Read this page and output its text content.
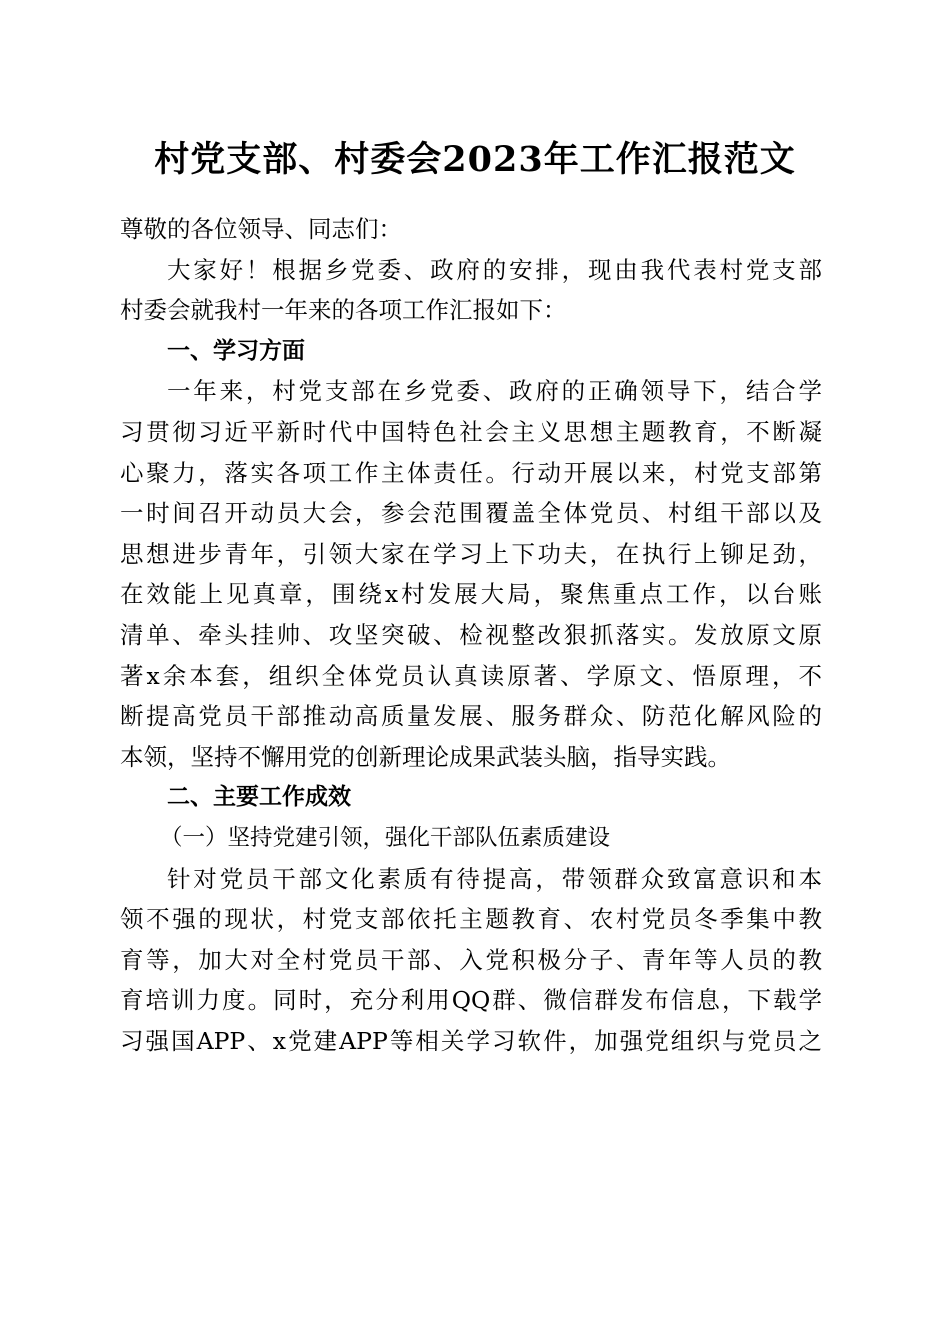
村党支部、村委会2023年工作汇报范文
尊敬的各位领导、同志们：
大家好！根据乡党委、政府的安排，现由我代表村党支部
村委会就我村一年来的各项工作汇报如下：
一、学习方面
一年来，村党支部在乡党委、政府的正确领导下，结合学
习贯彻习近平新时代中国特色社会主义思想主题教育，不断凝
心聚力，落实各项工作主体责任。行动开展以来，村党支部第
一时间召开动员大会，参会范围覆盖全体党员、村组干部以及
思想进步青年，引领大家在学习上下功夫，在执行上铆足劲，
在效能上见真章，围绕x村发展大局，聚焦重点工作，以台账
清单、牵头挂帅、攻坚突破、检视整改狠抓落实。发放原文原
著x余本套，组织全体党员认真读原著、学原文、悟原理，不
断提高党员干部推动高质量发展、服务群众、防范化解风险的
本领，坚持不懈用党的创新理论成果武装头脑，指导实践。
二、主要工作成效
（一）坚持党建引领，强化干部队伍素质建设
针对党员干部文化素质有待提高，带领群众致富意识和本
领不强的现状，村党支部依托主题教育、农村党员冬季集中教
育等，加大对全村党员干部、入党积极分子、青年等人员的教
育培训力度。同时，充分利用QQ群、微信群发布信息，下载学
习强国APP、x党建APP等相关学习软件，加强党组织与党员之
